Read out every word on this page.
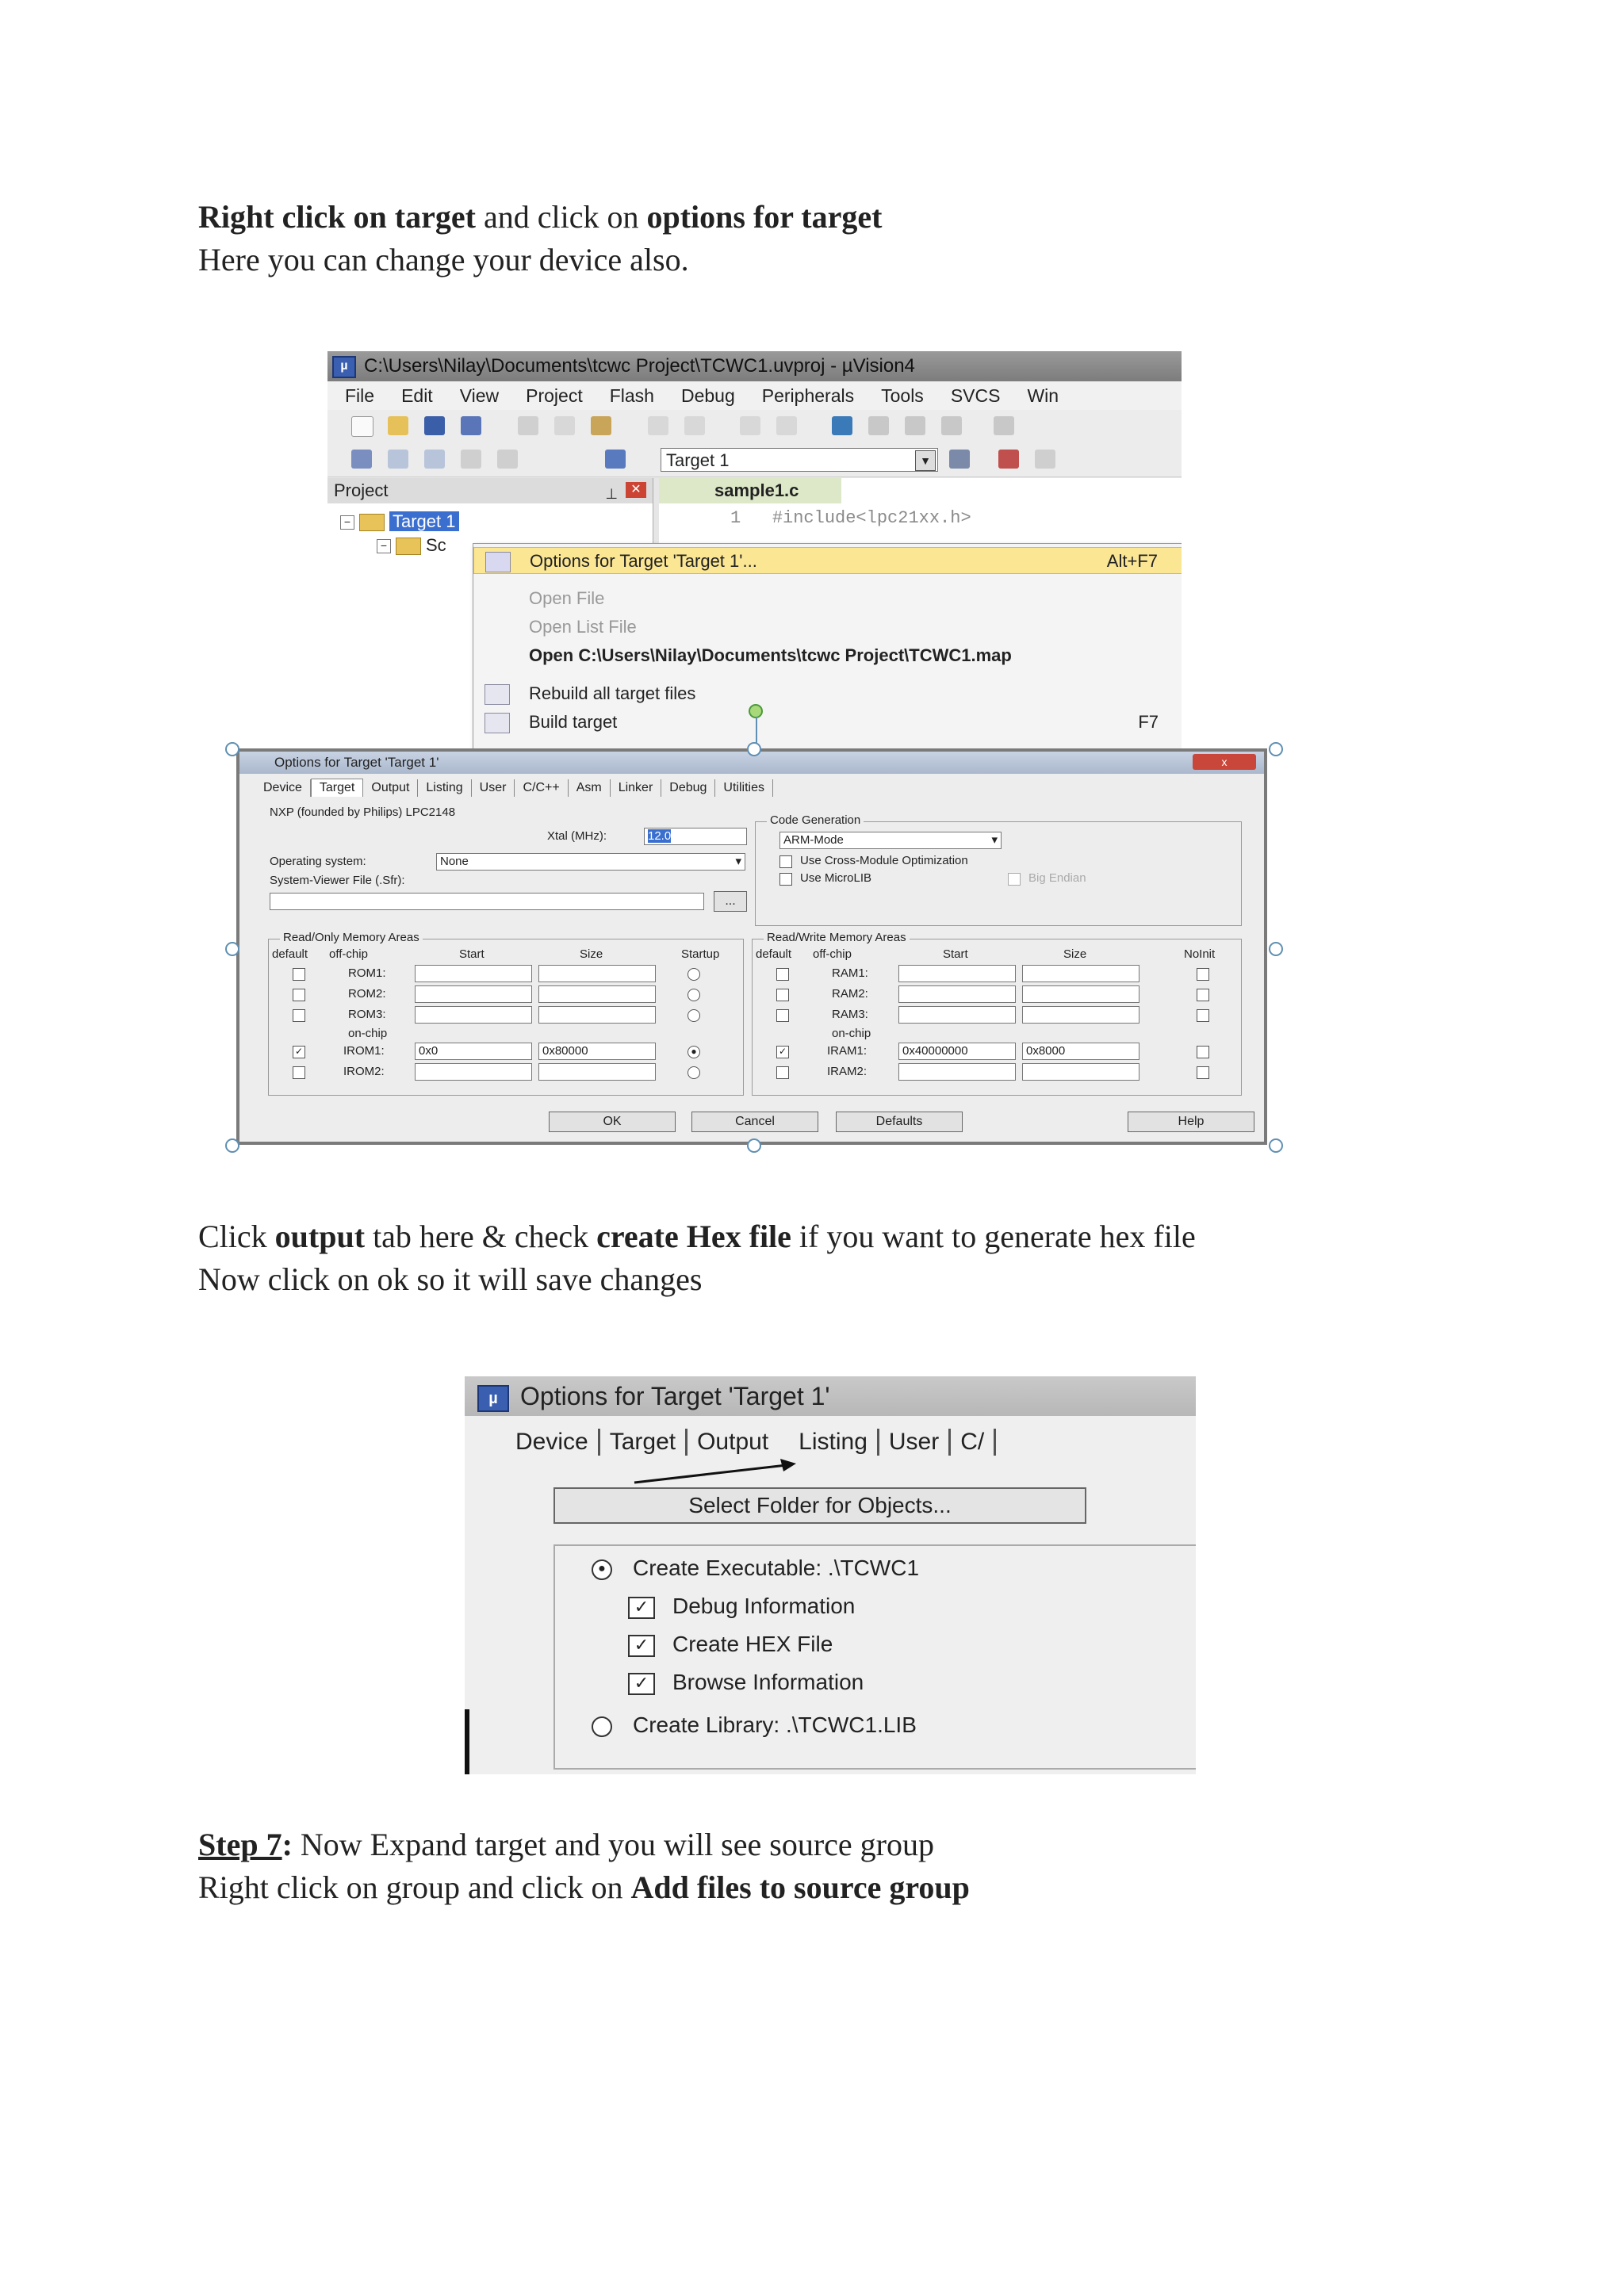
Right click on target and click on options for target
Here you can change your device also.

µ C:\Users\Nilay\Documents\tcwc Project\TCWC1.uvproj - µVision4
File Edit View Project Flash Debug Peripherals Tools SVCS Win
Target 1	▼
Project	⊥	✕
− Target 1
− Sc
sample1.c
1 #include<lpc21xx.h>
Options for Target 'Target 1'...	Alt+F7
Open File
Open List File
Open C:\Users\Nilay\Documents\tcwc Project\TCWC1.map
Rebuild all target files
Build target	F7
Options for Target 'Target 1'	x
Device Target Output Listing User C/C++ Asm Linker Debug Utilities
NXP (founded by Philips) LPC2148
Xtal (MHz):	12.0
Operating system:	None	▾
System-Viewer File (.Sfr):
...
Code Generation
ARM-Mode	▾
Use Cross-Module Optimization
Use MicroLIB	Big Endian
Read/Only Memory Areas
default off-chip	Start	Size	Startup
ROM1:
ROM2:
ROM3:
on-chip
✓	IROM1:	0x0	0x80000	●
IROM2:
Read/Write Memory Areas
default off-chip	Start	Size	NoInit
RAM1:
RAM2:
RAM3:
on-chip
✓	IRAM1:	0x40000000	0x8000
IRAM2:
OK	Cancel	Defaults	Help

Click output tab here & check create Hex file if you want to generate hex file
Now click on ok so it will save changes

µ Options for Target 'Target 1'
Device Target Output Listing User C/
Select Folder for Objects...
● Create Executable: .\TCWC1
✓ Debug Information
✓ Create HEX File
✓ Browse Information
Create Library: .\TCWC1.LIB

Step 7: Now Expand target and you will see source group
Right click on group and click on Add files to source group
